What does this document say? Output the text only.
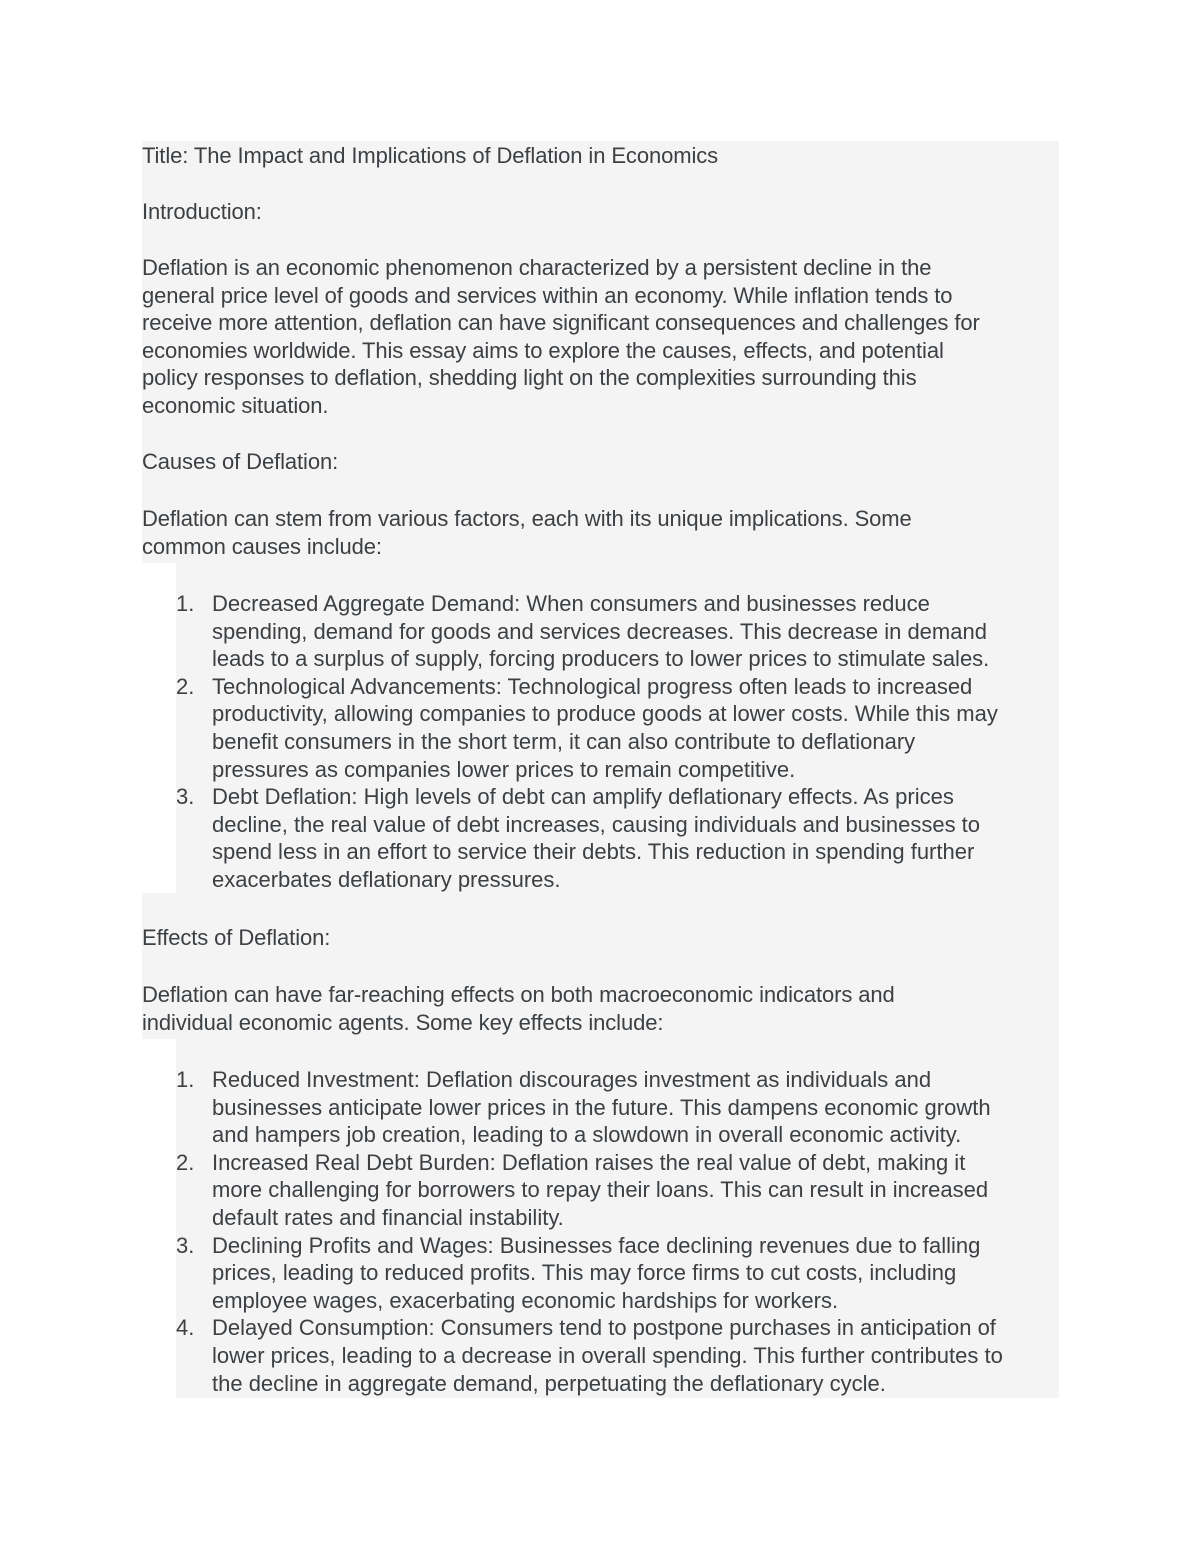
Title: The Impact and Implications of Deflation in Economics
Introduction:
Deflation is an economic phenomenon characterized by a persistent decline in the
general price level of goods and services within an economy. While inflation tends to
receive more attention, deflation can have significant consequences and challenges for
economies worldwide. This essay aims to explore the causes, effects, and potential
policy responses to deflation, shedding light on the complexities surrounding this
economic situation.
Causes of Deflation:
Deflation can stem from various factors, each with its unique implications. Some
common causes include:
1. Decreased Aggregate Demand: When consumers and businesses reduce
spending, demand for goods and services decreases. This decrease in demand
leads to a surplus of supply, forcing producers to lower prices to stimulate sales.
2. Technological Advancements: Technological progress often leads to increased
productivity, allowing companies to produce goods at lower costs. While this may
benefit consumers in the short term, it can also contribute to deflationary
pressures as companies lower prices to remain competitive.
3. Debt Deflation: High levels of debt can amplify deflationary effects. As prices
decline, the real value of debt increases, causing individuals and businesses to
spend less in an effort to service their debts. This reduction in spending further
exacerbates deflationary pressures.
Effects of Deflation:
Deflation can have far-reaching effects on both macroeconomic indicators and
individual economic agents. Some key effects include:
1. Reduced Investment: Deflation discourages investment as individuals and
businesses anticipate lower prices in the future. This dampens economic growth
and hampers job creation, leading to a slowdown in overall economic activity.
2. Increased Real Debt Burden: Deflation raises the real value of debt, making it
more challenging for borrowers to repay their loans. This can result in increased
default rates and financial instability.
3. Declining Profits and Wages: Businesses face declining revenues due to falling
prices, leading to reduced profits. This may force firms to cut costs, including
employee wages, exacerbating economic hardships for workers.
4. Delayed Consumption: Consumers tend to postpone purchases in anticipation of
lower prices, leading to a decrease in overall spending. This further contributes to
the decline in aggregate demand, perpetuating the deflationary cycle.
